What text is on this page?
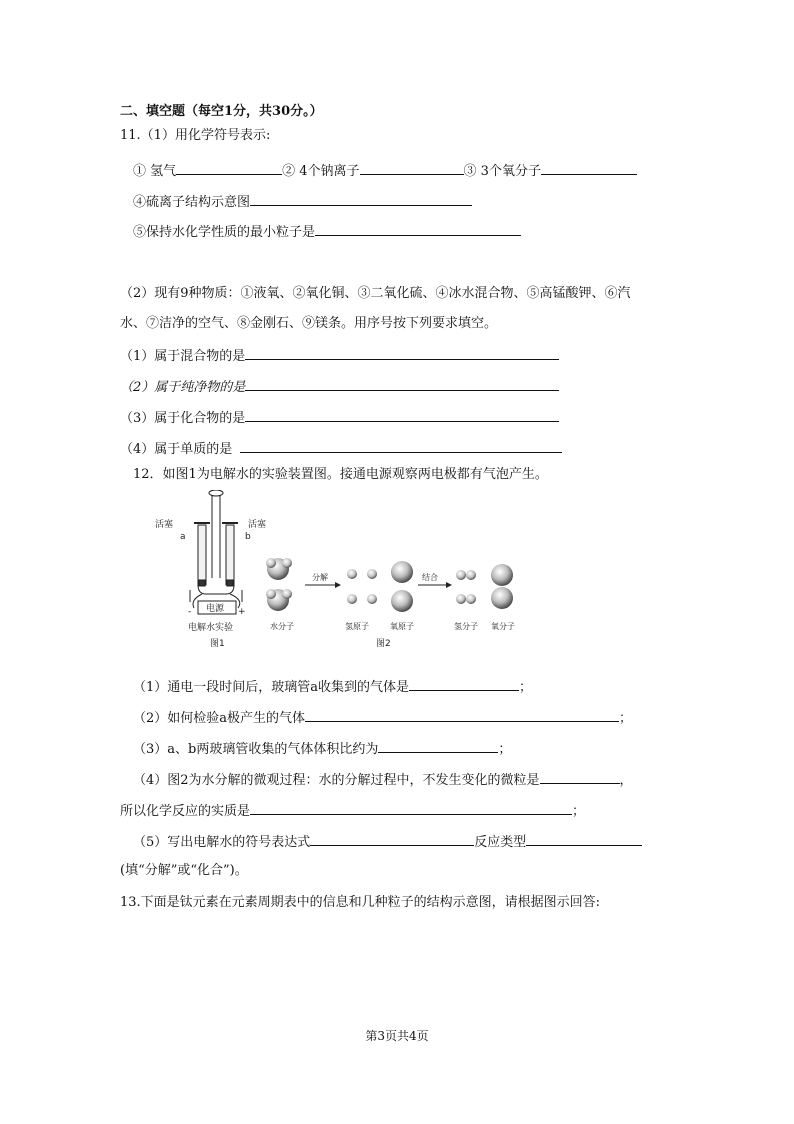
二、填空题（每空1分，共30分。）
11.（1）用化学符号表示:
① 氢气	② 4个钠离子	③ 3个氧分子
④硫离子结构示意图
⑤保持水化学性质的最小粒子是
（2）现有9种物质：①液氧、②氧化铜、③二氧化硫、④冰水混合物、⑤高锰酸钾、⑥汽
水、⑦洁净的空气、⑧金刚石、⑨镁条。用序号按下列要求填空。
（1）属于混合物的是
（2）属于纯净物的是
（3）属于化合物的是
（4）属于单质的是
12．如图1为电解水的实验装置图。接通电源观察两电极都有气泡产生。
活塞	活塞
a	b
电源
-	+
电解水实验
图1
水分子
分解
氢原子	氧原子
结合
氢分子 氧分子
图2
（1）通电一段时间后，玻璃管a收集到的气体是	；
（2）如何检验a极产生的气体	；
（3）a、b两玻璃管收集的气体体积比约为	；
（4）图2为水分解的微观过程：水的分解过程中，不发生变化的微粒是	，
所以化学反应的实质是	；
（5）写出电解水的符号表达式	反应类型
(填“分解”或“化合”)。
13.下面是钛元素在元素周期表中的信息和几种粒子的结构示意图，请根据图示回答:
第3页共4页
